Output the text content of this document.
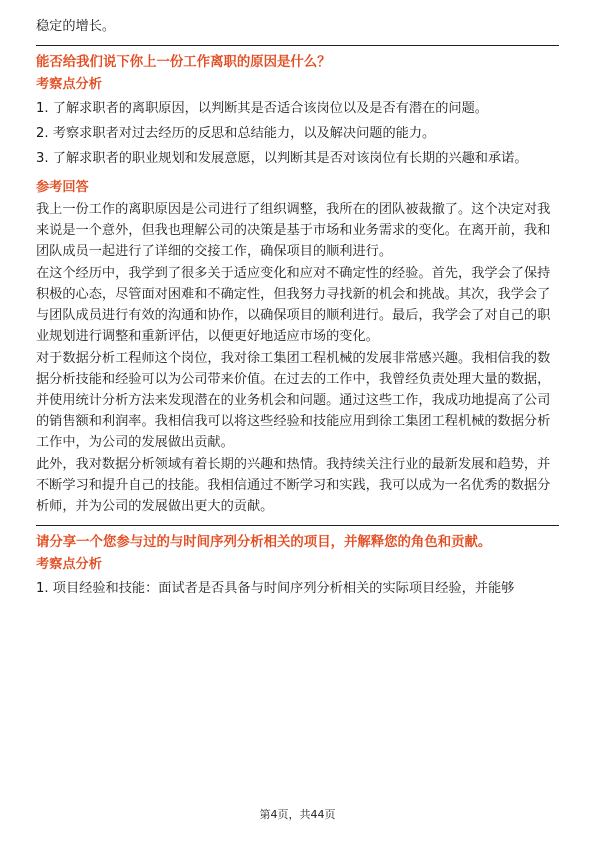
稳定的增长。

能否给我们说下你上一份工作离职的原因是什么？

考察点分析

1. 了解求职者的离职原因，以判断其是否适合该岗位以及是否有潜在的问题。

2. 考察求职者对过去经历的反思和总结能力，以及解决问题的能力。

3. 了解求职者的职业规划和发展意愿，以判断其是否对该岗位有长期的兴趣和承诺。

参考回答

我上一份工作的离职原因是公司进行了组织调整，我所在的团队被裁撤了。这个决定对我来说是一个意外，但我也理解公司的决策是基于市场和业务需求的变化。在离开前，我和团队成员一起进行了详细的交接工作，确保项目的顺利进行。

在这个经历中，我学到了很多关于适应变化和应对不确定性的经验。首先，我学会了保持积极的心态，尽管面对困难和不确定性，但我努力寻找新的机会和挑战。其次，我学会了与团队成员进行有效的沟通和协作，以确保项目的顺利进行。最后，我学会了对自己的职业规划进行调整和重新评估，以便更好地适应市场的变化。

对于数据分析工程师这个岗位，我对徐工集团工程机械的发展非常感兴趣。我相信我的数据分析技能和经验可以为公司带来价值。在过去的工作中，我曾经负责处理大量的数据，并使用统计分析方法来发现潜在的业务机会和问题。通过这些工作，我成功地提高了公司的销售额和利润率。我相信我可以将这些经验和技能应用到徐工集团工程机械的数据分析工作中，为公司的发展做出贡献。

此外，我对数据分析领域有着长期的兴趣和热情。我持续关注行业的最新发展和趋势，并不断学习和提升自己的技能。我相信通过不断学习和实践，我可以成为一名优秀的数据分析师，并为公司的发展做出更大的贡献。

请分享一个您参与过的与时间序列分析相关的项目，并解释您的角色和贡献。

考察点分析

1. 项目经验和技能：面试者是否具备与时间序列分析相关的实际项目经验，并能够

第4页，共44页
